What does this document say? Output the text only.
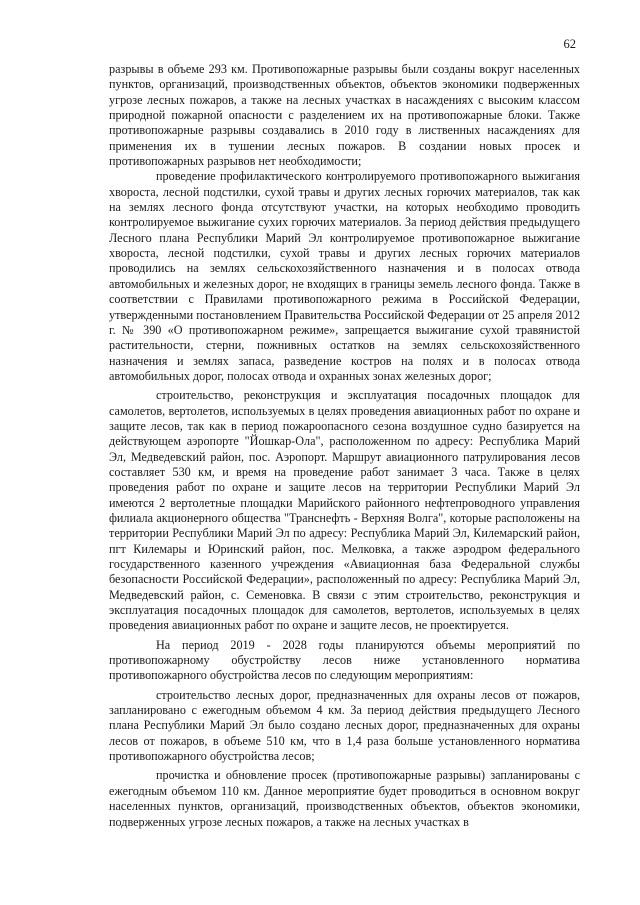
62

разрывы в объеме 293 км. Противопожарные разрывы были созданы вокруг населенных пунктов, организаций, производственных объектов, объектов экономики подверженных угрозе лесных пожаров, а также на лесных участках в насаждениях с высоким классом природной пожарной опасности с разделением их на противопожарные блоки. Также противопожарные разрывы создавались в 2010 году в лиственных насаждениях для применения их в тушении лесных пожаров. В создании новых просек и противопожарных разрывов нет необходимости;

проведение профилактического контролируемого противопожарного выжигания хвороста, лесной подстилки, сухой травы и других лесных горючих материалов, так как на землях лесного фонда отсутствуют участки, на которых необходимо проводить контролируемое выжигание сухих горючих материалов. За период действия предыдущего Лесного плана Республики Марий Эл контролируемое противопожарное выжигание хвороста, лесной подстилки, сухой травы и других лесных горючих материалов проводились на землях сельскохозяйственного назначения и в полосах отвода автомобильных и железных дорог, не входящих в границы земель лесного фонда. Также в соответствии с Правилами противопожарного режима в Российской Федерации, утвержденными постановлением Правительства Российской Федерации от 25 апреля 2012 г. № 390 «О противопожарном режиме», запрещается выжигание сухой травянистой растительности, стерни, пожнивных остатков на землях сельскохозяйственного назначения и землях запаса, разведение костров на полях и в полосах отвода автомобильных дорог, полосах отвода и охранных зонах железных дорог;

строительство, реконструкция и эксплуатация посадочных площадок для самолетов, вертолетов, используемых в целях проведения авиационных работ по охране и защите лесов, так как в период пожароопасного сезона воздушное судно базируется на действующем аэропорте "Йошкар-Ола", расположенном по адресу: Республика Марий Эл, Медведевский район, пос. Аэропорт. Маршрут авиационного патрулирования лесов составляет 530 км, и время на проведение работ занимает 3 часа. Также в целях проведения работ по охране и защите лесов на территории Республики Марий Эл имеются 2 вертолетные площадки Марийского районного нефтепроводного управления филиала акционерного общества "Транснефть - Верхняя Волга", которые расположены на территории Республики Марий Эл по адресу: Республика Марий Эл, Килемарский район, пгт Килемары и Юринский район, пос. Мелковка, а также аэродром федерального государственного казенного учреждения «Авиационная база Федеральной службы безопасности Российской Федерации», расположенный по адресу: Республика Марий Эл, Медведевский район, с. Семеновка. В связи с этим строительство, реконструкция и эксплуатация посадочных площадок для самолетов, вертолетов, используемых в целях проведения авиационных работ по охране и защите лесов, не проектируется.

На период 2019 - 2028 годы планируются объемы мероприятий по противопожарному обустройству лесов ниже установленного норматива противопожарного обустройства лесов по следующим мероприятиям:

строительство лесных дорог, предназначенных для охраны лесов от пожаров, запланировано с ежегодным объемом 4 км. За период действия предыдущего Лесного плана Республики Марий Эл было создано лесных дорог, предназначенных для охраны лесов от пожаров, в объеме 510 км, что в 1,4 раза больше установленного норматива противопожарного обустройства лесов;

прочистка и обновление просек (противопожарные разрывы) запланированы с ежегодным объемом 110 км. Данное мероприятие будет проводиться в основном вокруг населенных пунктов, организаций, производственных объектов, объектов экономики, подверженных угрозе лесных пожаров, а также на лесных участках в
